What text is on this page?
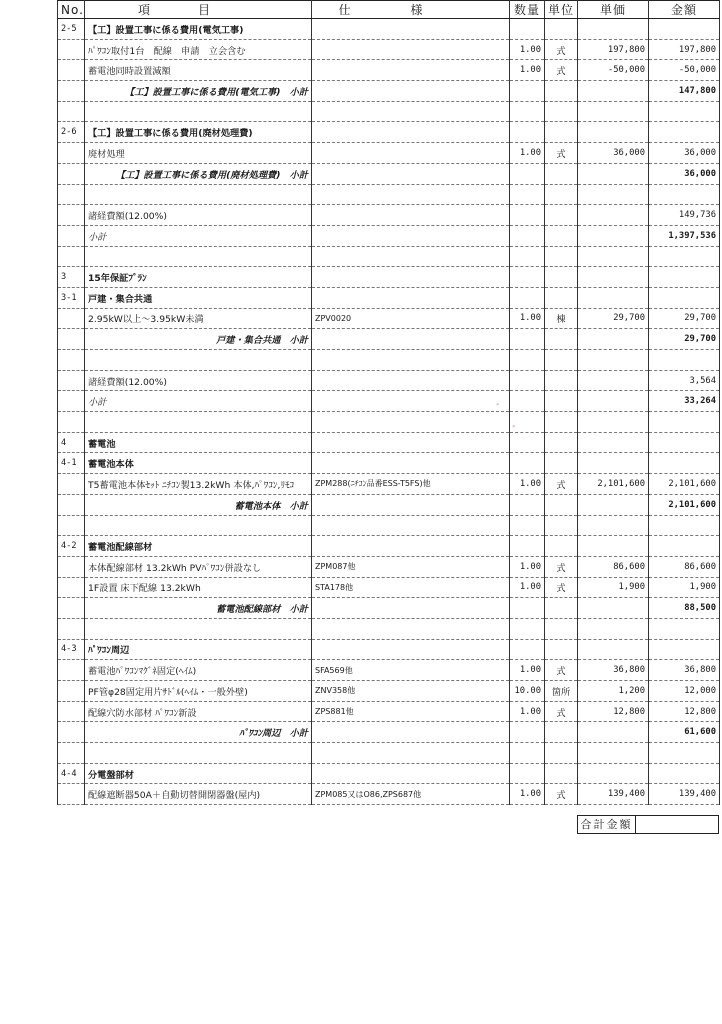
No.	項目	仕様	数量	単位	単価	金額
2-5	【工】設置工事に係る費用(電気工事)					
	ﾊﾟﾜｺﾝ取付1台　配線　申請　立会含む		1.00	式	197,800	197,800
	蓄電池同時設置減額		1.00	式	-50,000	-50,000
	【工】設置工事に係る費用(電気工事)　小計					147,800

2-6	【工】設置工事に係る費用(廃材処理費)					
	廃材処理		1.00	式	36,000	36,000
	【工】設置工事に係る費用(廃材処理費)　小計					36,000

	諸経費額(12.00%)					149,736
	小計					1,397,536

3	15年保証ﾌﾟﾗﾝ					
3-1	戸建・集合共通					
	2.95kW以上～3.95kW未満	ZPV0020	1.00	棟	29,700	29,700
	戸建・集合共通　小計					29,700

	諸経費額(12.00%)					3,564
	小計					33,264

4	蓄電池					
4-1	蓄電池本体					
	T5蓄電池本体ｾｯﾄ ﾆﾁｺﾝ製13.2kWh 本体,ﾊﾟﾜｺﾝ,ﾘﾓｺ	ZPM288(ﾆﾁｺﾝ品番ESS-T5FS)他	1.00	式	2,101,600	2,101,600
	蓄電池本体　小計					2,101,600

4-2	蓄電池配線部材					
	本体配線部材 13.2kWh PVﾊﾟﾜｺﾝ併設なし	ZPM087他	1.00	式	86,600	86,600
	1F設置 床下配線 13.2kWh	STA178他	1.00	式	1,900	1,900
	蓄電池配線部材　小計					88,500

4-3	ﾊﾟﾜｺﾝ周辺					
	蓄電池ﾊﾟﾜｺﾝﾏｸﾞﾈ固定(ﾍｲﾑ)	SFA569他	1.00	式	36,800	36,800
	PF管φ28固定用片ｻﾄﾞﾙ(ﾍｲﾑ・一般外壁)	ZNV358他	10.00	箇所	1,200	12,000
	配線穴防水部材 ﾊﾟﾜｺﾝ新設	ZPS881他	1.00	式	12,800	12,800
	ﾊﾟﾜｺﾝ周辺　小計					61,600

4-4	分電盤部材					
	配線遮断器50A＋自動切替開閉器盤(屋内)	ZPM085又はO86,ZPS687他	1.00	式	139,400	139,400
合計金額
ﾞ
ﾞ
